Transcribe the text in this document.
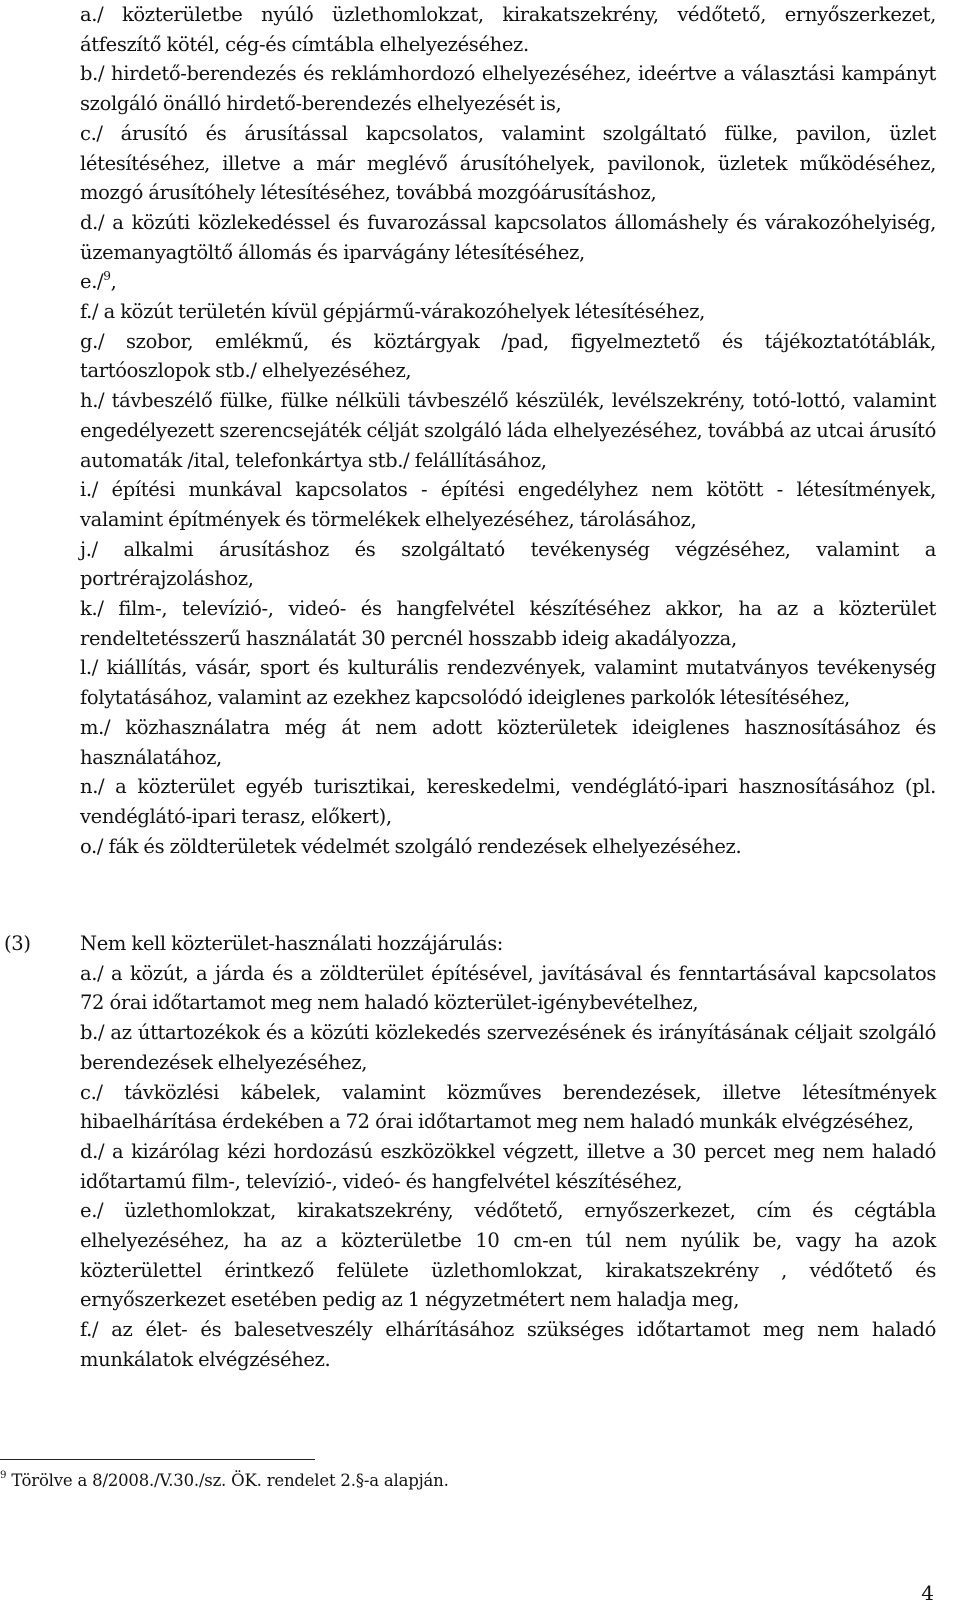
a./ közterületbe nyúló üzlethomlokzat, kirakatszekrény, védőtető, ernyőszerkezet, átfeszítő kötél, cég-és címtábla elhelyezéséhez.

b./ hirdető-berendezés és reklámhordozó elhelyezéséhez, ideértve a választási kampányt szolgáló önálló hirdető-berendezés elhelyezését is,

c./ árusító és árusítással kapcsolatos, valamint szolgáltató fülke, pavilon, üzlet létesítéséhez, illetve a már meglévő árusítóhelyek, pavilonok, üzletek működéséhez, mozgó árusítóhely létesítéséhez, továbbá mozgóárusításhoz,

d./ a közúti közlekedéssel és fuvarozással kapcsolatos állomáshely és várakozóhelyiség, üzemanyagtöltő állomás és iparvágány létesítéséhez,

e./$^9$,

f./ a közút területén kívül gépjármű-várakozóhelyek létesítéséhez,

g./ szobor, emlékmű, és köztárgyak /pad, figyelmeztető és tájékoztatótáblák, tartóoszlopok stb./ elhelyezéséhez,

h./ távbeszélő fülke, fülke nélküli távbeszélő készülék, levélszekrény, totó-lottó, valamint engedélyezett szerencsejáték célját szolgáló láda elhelyezéséhez, továbbá az utcai árusító automaták /ital, telefonkártya stb./ felállításához,

i./ építési munkával kapcsolatos - építési engedélyhez nem kötött - létesítmények, valamint építmények és törmelékek elhelyezéséhez, tárolásához,

j./ alkalmi árusításhoz és szolgáltató tevékenység végzéséhez, valamint a portrérajzoláshoz,

k./ film-, televízió-, videó- és hangfelvétel készítéséhez akkor, ha az a közterület rendeltetésszerű használatát 30 percnél hosszabb ideig akadályozza,

l./ kiállítás, vásár, sport és kulturális rendezvények, valamint mutatványos tevékenység folytatásához, valamint az ezekhez kapcsolódó ideiglenes parkolók létesítéséhez,

m./ közhasználatra még át nem adott közterületek ideiglenes hasznosításához és használatához,

n./ a közterület egyéb turisztikai, kereskedelmi, vendéglátó-ipari hasznosításához (pl. vendéglátó-ipari terasz, előkert),

o./ fák és zöldterületek védelmét szolgáló rendezések elhelyezéséhez.

(3)	Nem kell közterület-használati hozzájárulás:

a./ a közút, a járda és a zöldterület építésével, javításával és fenntartásával kapcsolatos 72 órai időtartamot meg nem haladó közterület-igénybevételhez,

b./ az úttartozékok és a közúti közlekedés szervezésének és irányításának céljait szolgáló berendezések elhelyezéséhez,

c./ távközlési kábelek, valamint közműves berendezések, illetve létesítmények hibaelhárítása érdekében a 72 órai időtartamot meg nem haladó munkák elvégzéséhez,

d./ a kizárólag kézi hordozású eszközökkel végzett, illetve a 30 percet meg nem haladó időtartamú film-, televízió-, videó- és hangfelvétel készítéséhez,

e./ üzlethomlokzat, kirakatszekrény, védőtető, ernyőszerkezet, cím és cégtábla elhelyezéséhez, ha az a közterületbe 10 cm-en túl nem nyúlik be, vagy ha azok közterülettel érintkező felülete üzlethomlokzat, kirakatszekrény , védőtető és ernyőszerkezet esetében pedig az 1 négyzetmétert nem haladja meg,

f./ az élet- és balesetveszély elhárításához szükséges időtartamot meg nem haladó munkálatok elvégzéséhez.

$^9$ Törölve a 8/2008./V.30./sz. ÖK. rendelet 2.§-a alapján.
4
